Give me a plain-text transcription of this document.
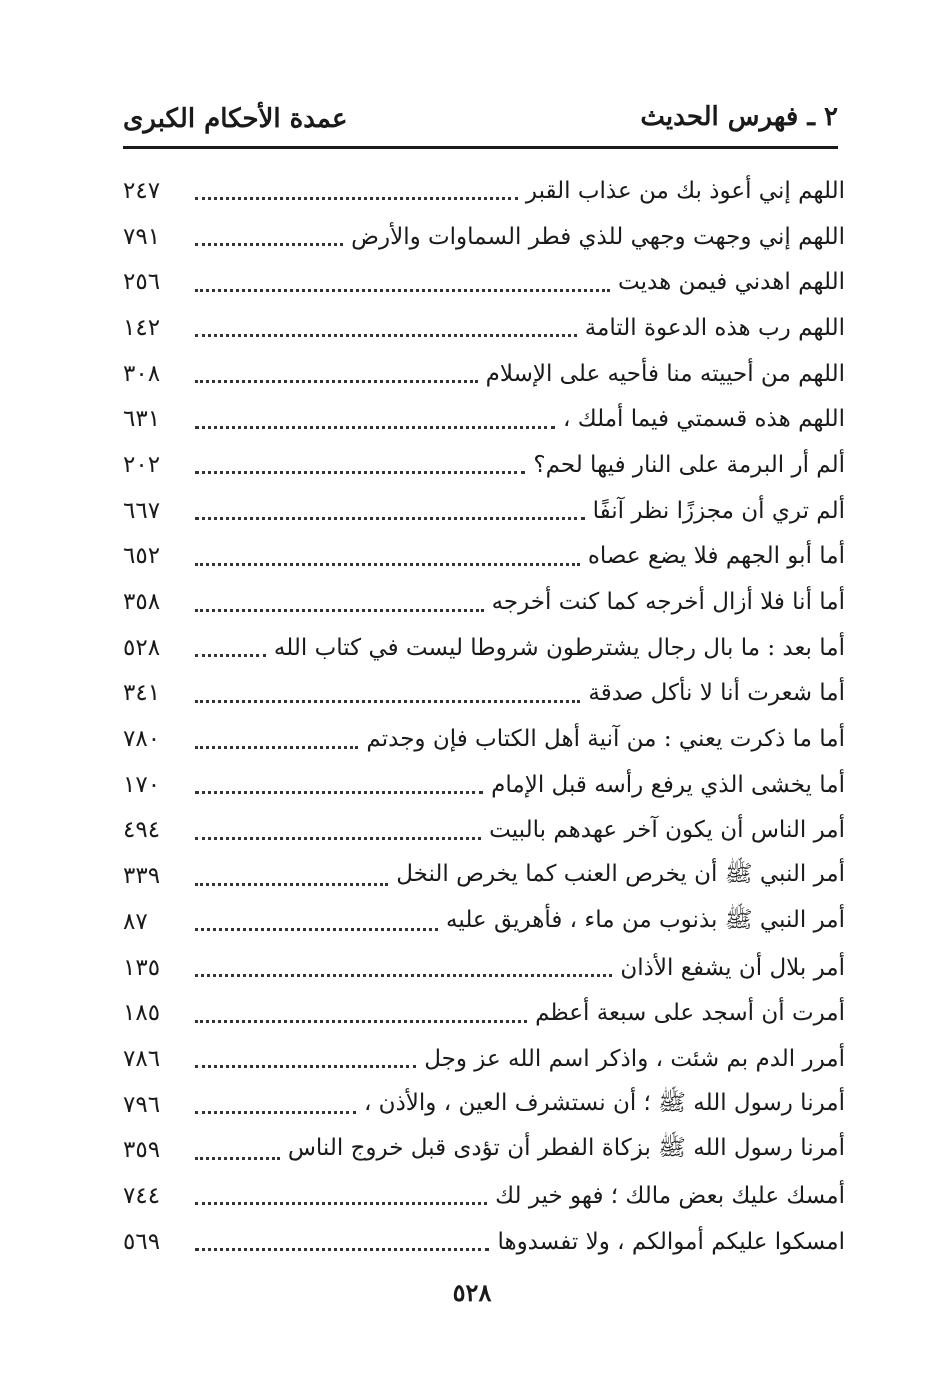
٢ ـ فهرس الحديث
عمدة الأحكام الكبرى
اللهم إني أعوذ بك من عذاب القبر
٢٤٧
اللهم إني وجهت وجهي للذي فطر السماوات والأرض
٧٩١
اللهم اهدني فيمن هديت
٢٥٦
اللهم رب هذه الدعوة التامة
١٤٢
اللهم من أحييته منا فأحيه على الإسلام
٣٠٨
اللهم هذه قسمتي فيما أملك ،
٦٣١
ألم أر البرمة على النار فيها لحم؟
٢٠٢
ألم تري أن مجززًا نظر آنفًا
٦٦٧
أما أبو الجهم فلا يضع عصاه
٦٥٢
أما أنا فلا أزال أخرجه كما كنت أخرجه
٣٥٨
أما بعد : ما بال رجال يشترطون شروطا ليست في كتاب الله
٥٢٨
أما شعرت أنا لا نأكل صدقة
٣٤١
أما ما ذكرت يعني : من آنية أهل الكتاب فإن وجدتم
٧٨٠
أما يخشى الذي يرفع رأسه قبل الإمام
١٧٠
أمر الناس أن يكون آخر عهدهم بالبيت
٤٩٤
أمر النبي ﷺ أن يخرص العنب كما يخرص النخل
٣٣٩
أمر النبي ﷺ بذنوب من ماء ، فأهريق عليه
٨٧
أمر بلال أن يشفع الأذان
١٣٥
أمرت أن أسجد على سبعة أعظم
١٨٥
أمرر الدم بم شئت ، واذكر اسم الله عز وجل
٧٨٦
أمرنا رسول الله ﷺ ؛ أن نستشرف العين ، والأذن ،
٧٩٦
أمرنا رسول الله ﷺ بزكاة الفطر أن تؤدى قبل خروج الناس
٣٥٩
أمسك عليك بعض مالك ؛ فهو خير لك
٧٤٤
امسكوا عليكم أموالكم ، ولا تفسدوها
٥٦٩
٥٢٨
